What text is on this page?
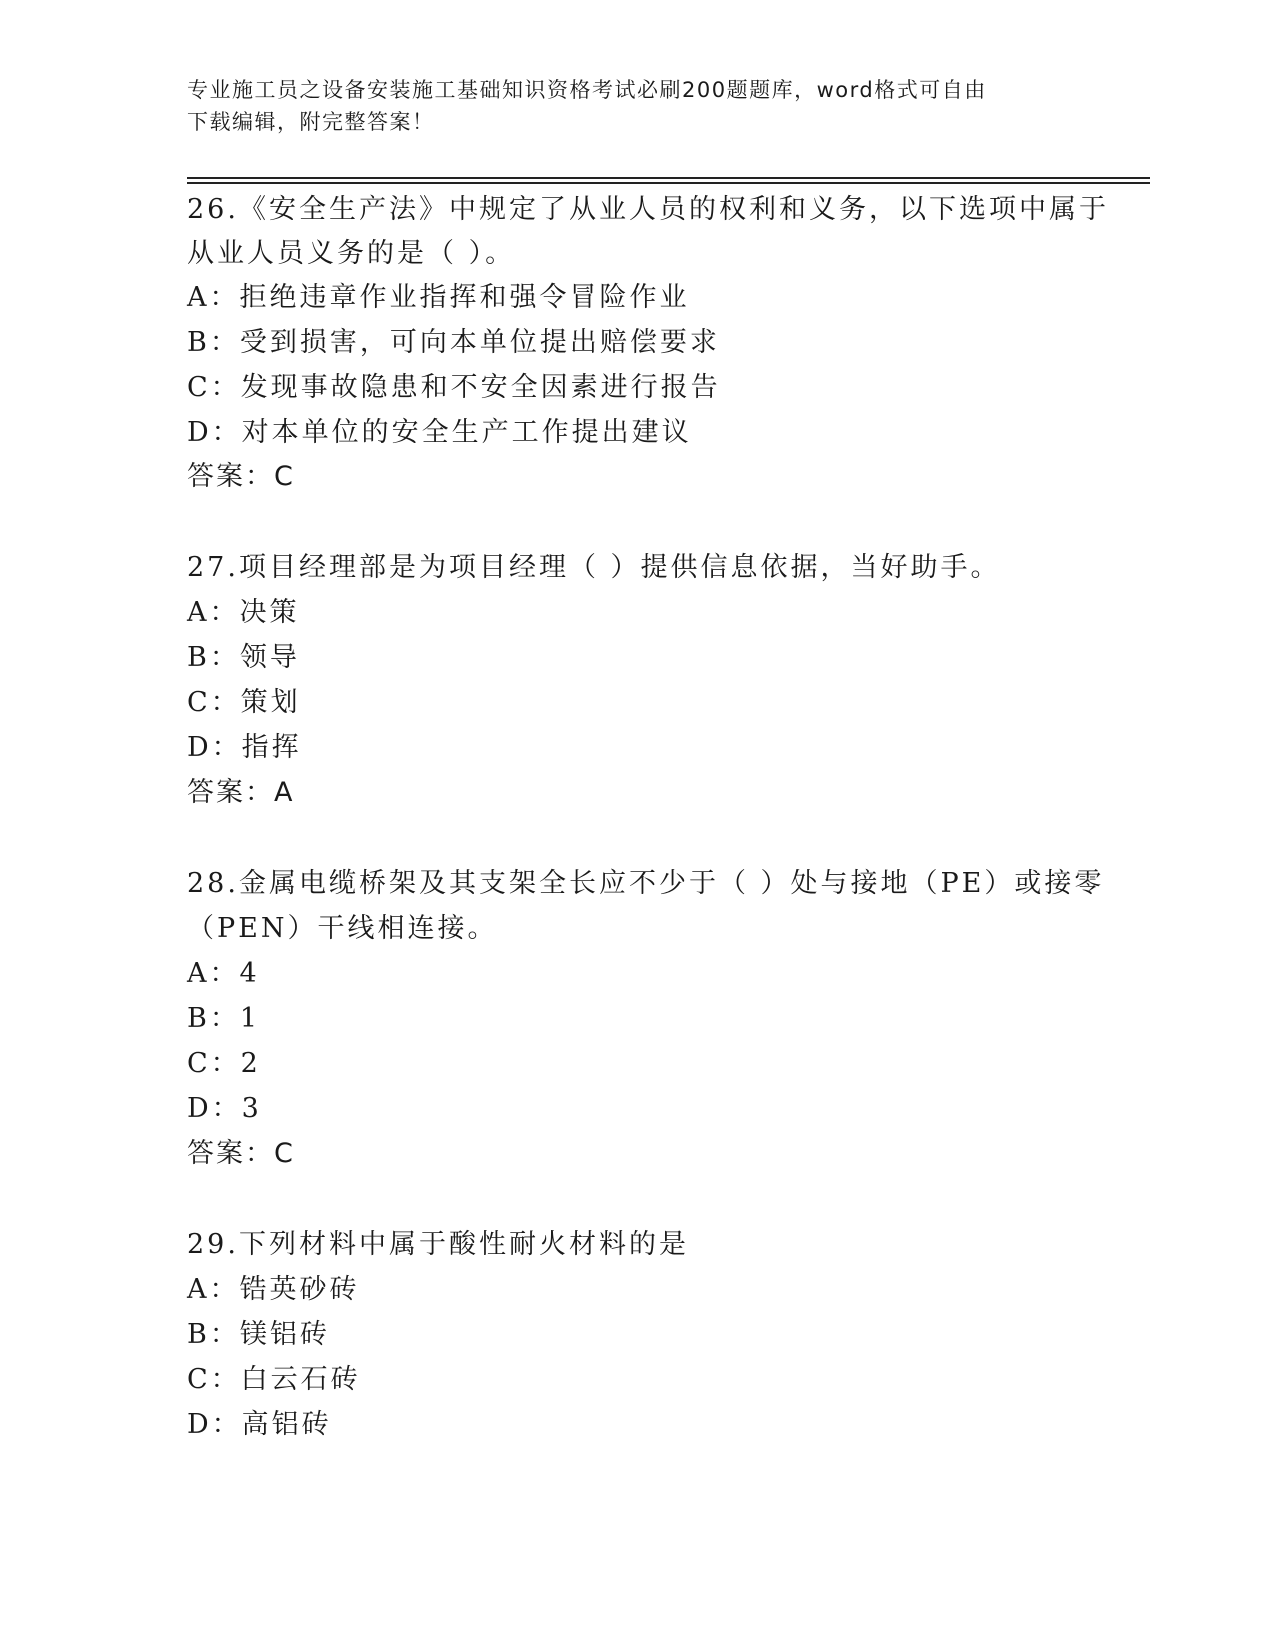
专业施工员之设备安装施工基础知识资格考试必刷200题题库，word格式可自由
下载编辑，附完整答案！
26.《安全生产法》中规定了从业人员的权利和义务，以下选项中属于
从业人员义务的是（ ）。
A：拒绝违章作业指挥和强令冒险作业
B：受到损害，可向本单位提出赔偿要求
C：发现事故隐患和不安全因素进行报告
D：对本单位的安全生产工作提出建议
答案：C
27.项目经理部是为项目经理（ ）提供信息依据，当好助手。
A：决策
B：领导
C：策划
D：指挥
答案：A
28.金属电缆桥架及其支架全长应不少于（ ）处与接地（PE）或接零
（PEN）干线相连接。
A：4
B：1
C：2
D：3
答案：C
29.下列材料中属于酸性耐火材料的是
A：锆英砂砖
B：镁铝砖
C：白云石砖
D：高铝砖
